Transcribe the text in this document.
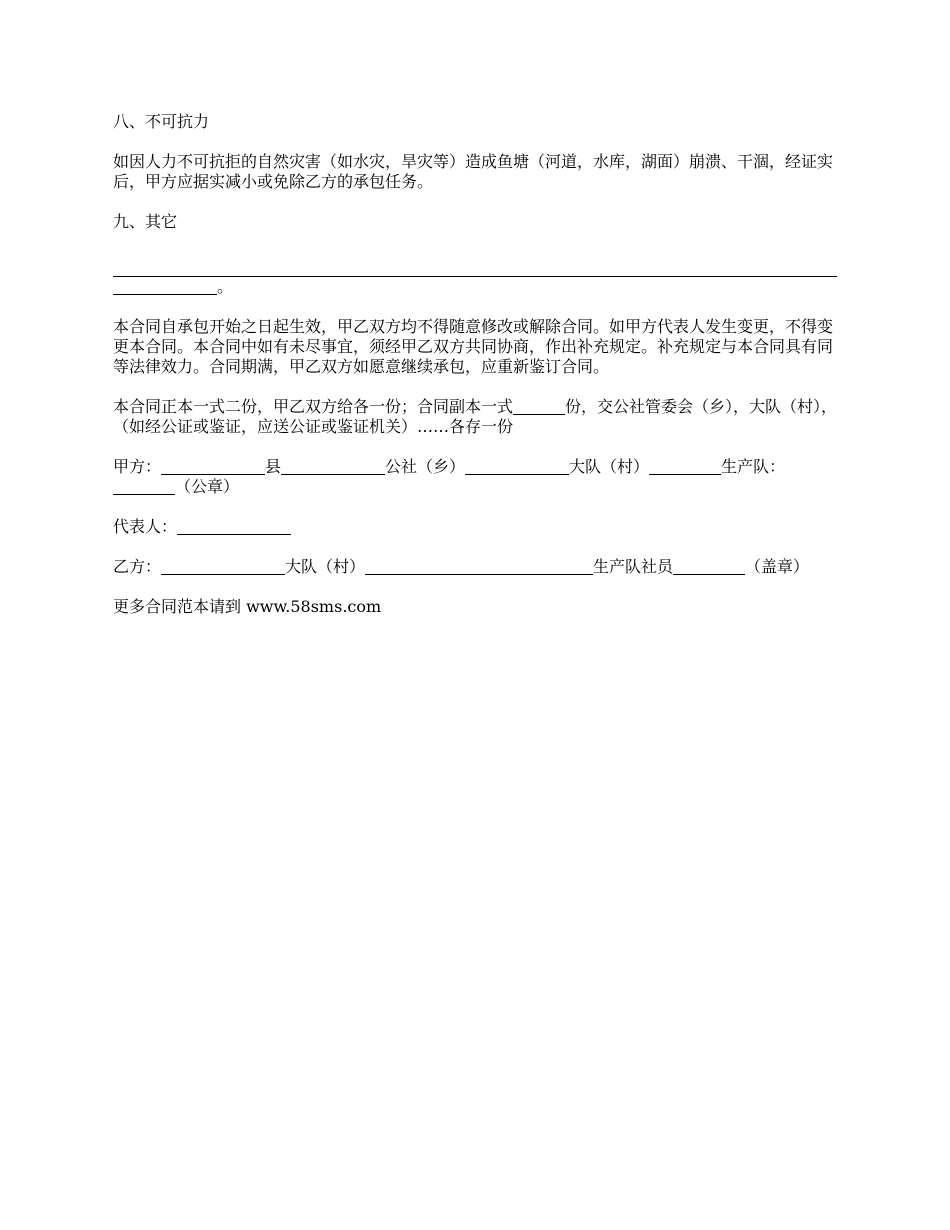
八、不可抗力
如因人力不可抗拒的自然灾害（如水灾，旱灾等）造成鱼塘（河道，水库，湖面）崩溃、干涸，经证实后，甲方应据实减小或免除乙方的承包任务。
九、其它
。
本合同自承包开始之日起生效，甲乙双方均不得随意修改或解除合同。如甲方代表人发生变更，不得变更本合同。本合同中如有未尽事宜，须经甲乙双方共同协商，作出补充规定。补充规定与本合同具有同等法律效力。合同期满，甲乙双方如愿意继续承包，应重新鉴订合同。
本合同正本一式二份，甲乙双方给各一份；合同副本一式	份，交公社管委会（乡），大队（村），（如经公证或鉴证，应送公证或鉴证机关）……各存一份
甲方：	县	公社（乡）	大队（村）	生产队：
（公章）
代表人：
乙方：	大队（村）	生产队社员	（盖章）
更多合同范本请到 www.58sms.com
